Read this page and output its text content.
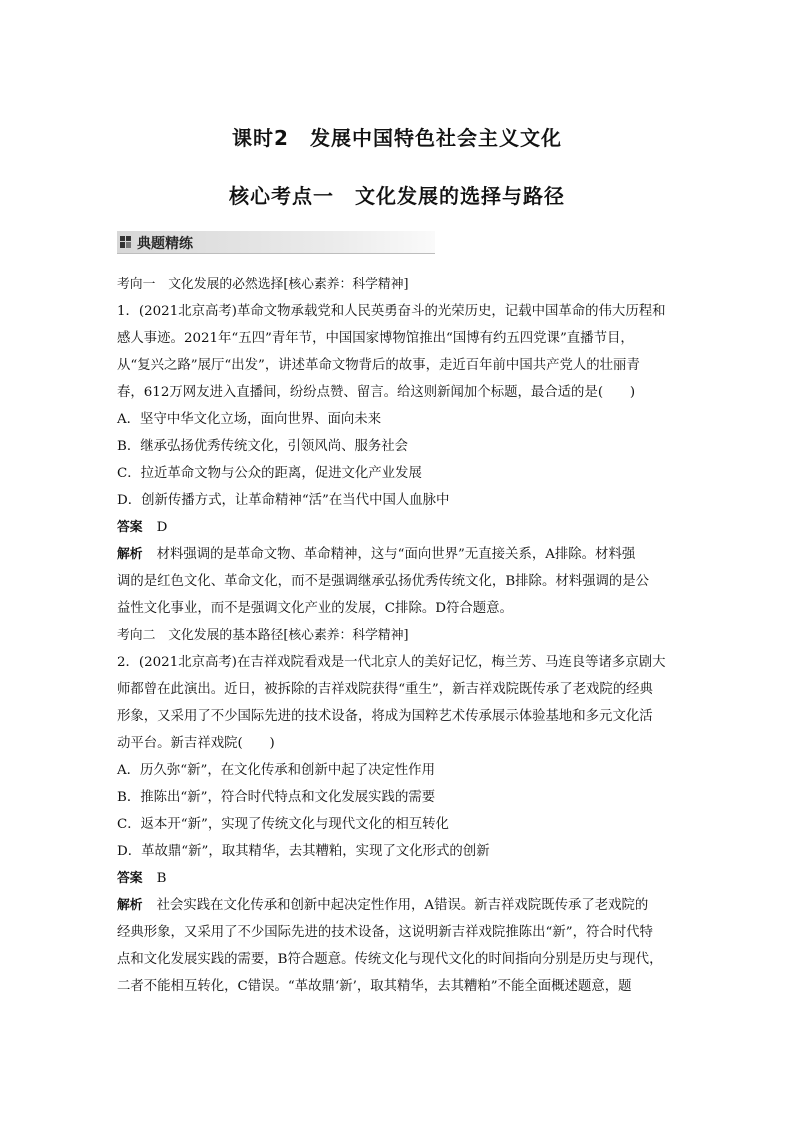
课时2　发展中国特色社会主义文化
核心考点一　文化发展的选择与路径
典题精练
考向一　文化发展的必然选择[核心素养：科学精神]
1．(2021北京高考)革命文物承载党和人民英勇奋斗的光荣历史，记载中国革命的伟大历程和
感人事迹。2021年“五四”青年节，中国国家博物馆推出“国博有约五四党课”直播节目，
从“复兴之路”展厅“出发”，讲述革命文物背后的故事，走近百年前中国共产党人的壮丽青
春，612万网友进入直播间，纷纷点赞、留言。给这则新闻加个标题，最合适的是(　　)
A．坚守中华文化立场，面向世界、面向未来
B．继承弘扬优秀传统文化，引领风尚、服务社会
C．拉近革命文物与公众的距离，促进文化产业发展
D．创新传播方式，让革命精神“活”在当代中国人血脉中
答案 D
解析 材料强调的是革命文物、革命精神，这与“面向世界”无直接关系，A排除。材料强
调的是红色文化、革命文化，而不是强调继承弘扬优秀传统文化，B排除。材料强调的是公
益性文化事业，而不是强调文化产业的发展，C排除。D符合题意。
考向二　文化发展的基本路径[核心素养：科学精神]
2．(2021北京高考)在吉祥戏院看戏是一代北京人的美好记忆，梅兰芳、马连良等诸多京剧大
师都曾在此演出。近日，被拆除的吉祥戏院获得“重生”，新吉祥戏院既传承了老戏院的经典
形象，又采用了不少国际先进的技术设备，将成为国粹艺术传承展示体验基地和多元文化活
动平台。新吉祥戏院(　　)
A．历久弥“新”，在文化传承和创新中起了决定性作用
B．推陈出“新”，符合时代特点和文化发展实践的需要
C．返本开“新”，实现了传统文化与现代文化的相互转化
D．革故鼎“新”，取其精华，去其糟粕，实现了文化形式的创新
答案 B
解析 社会实践在文化传承和创新中起决定性作用，A错误。新吉祥戏院既传承了老戏院的
经典形象，又采用了不少国际先进的技术设备，这说明新吉祥戏院推陈出“新”，符合时代特
点和文化发展实践的需要，B符合题意。传统文化与现代文化的时间指向分别是历史与现代，
二者不能相互转化，C错误。“革故鼎‘新’，取其精华，去其糟粕”不能全面概述题意，题
